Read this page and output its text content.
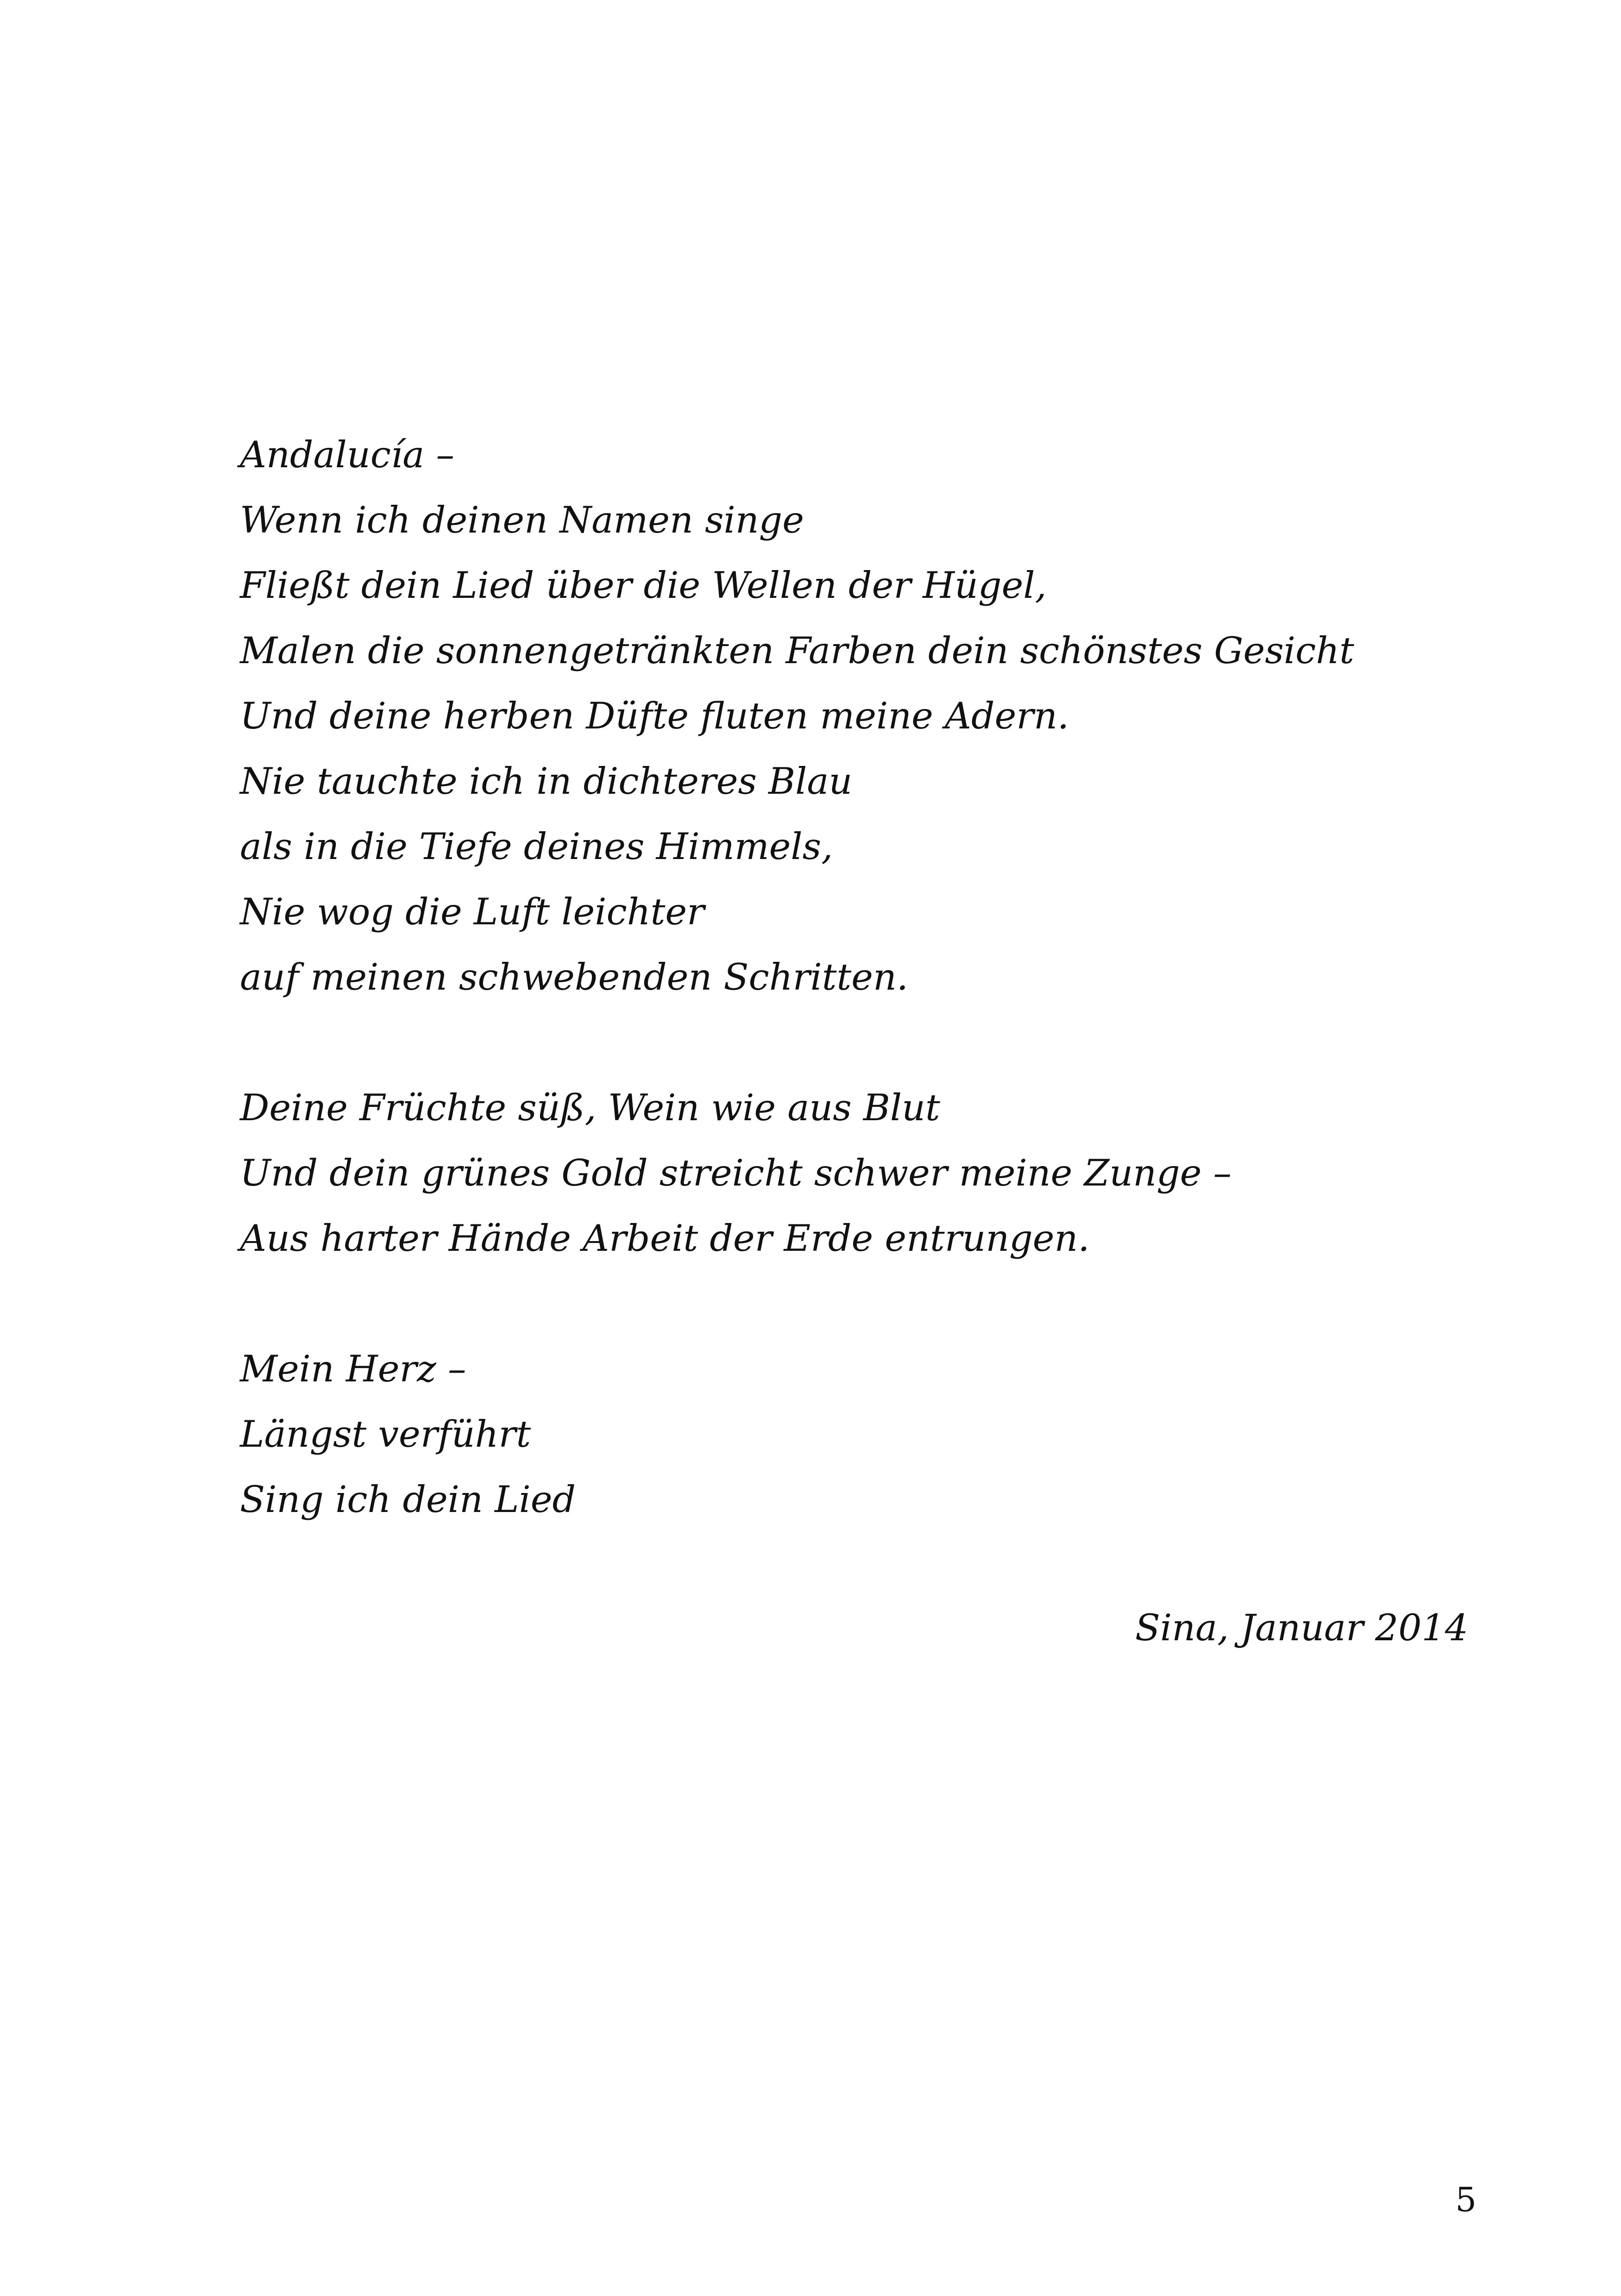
Andalucía –
Wenn ich deinen Namen singe
Fließt dein Lied über die Wellen der Hügel,
Malen die sonnengetränkten Farben dein schönstes Gesicht
Und deine herben Düfte fluten meine Adern.
Nie tauchte ich in dichteres Blau
als in die Tiefe deines Himmels,
Nie wog die Luft leichter
auf meinen schwebenden Schritten.
Deine Früchte süß, Wein wie aus Blut
Und dein grünes Gold streicht schwer meine Zunge –
Aus harter Hände Arbeit der Erde entrungen.
Mein Herz –
Längst verführt
Sing ich dein Lied
Sina, Januar 2014
5
